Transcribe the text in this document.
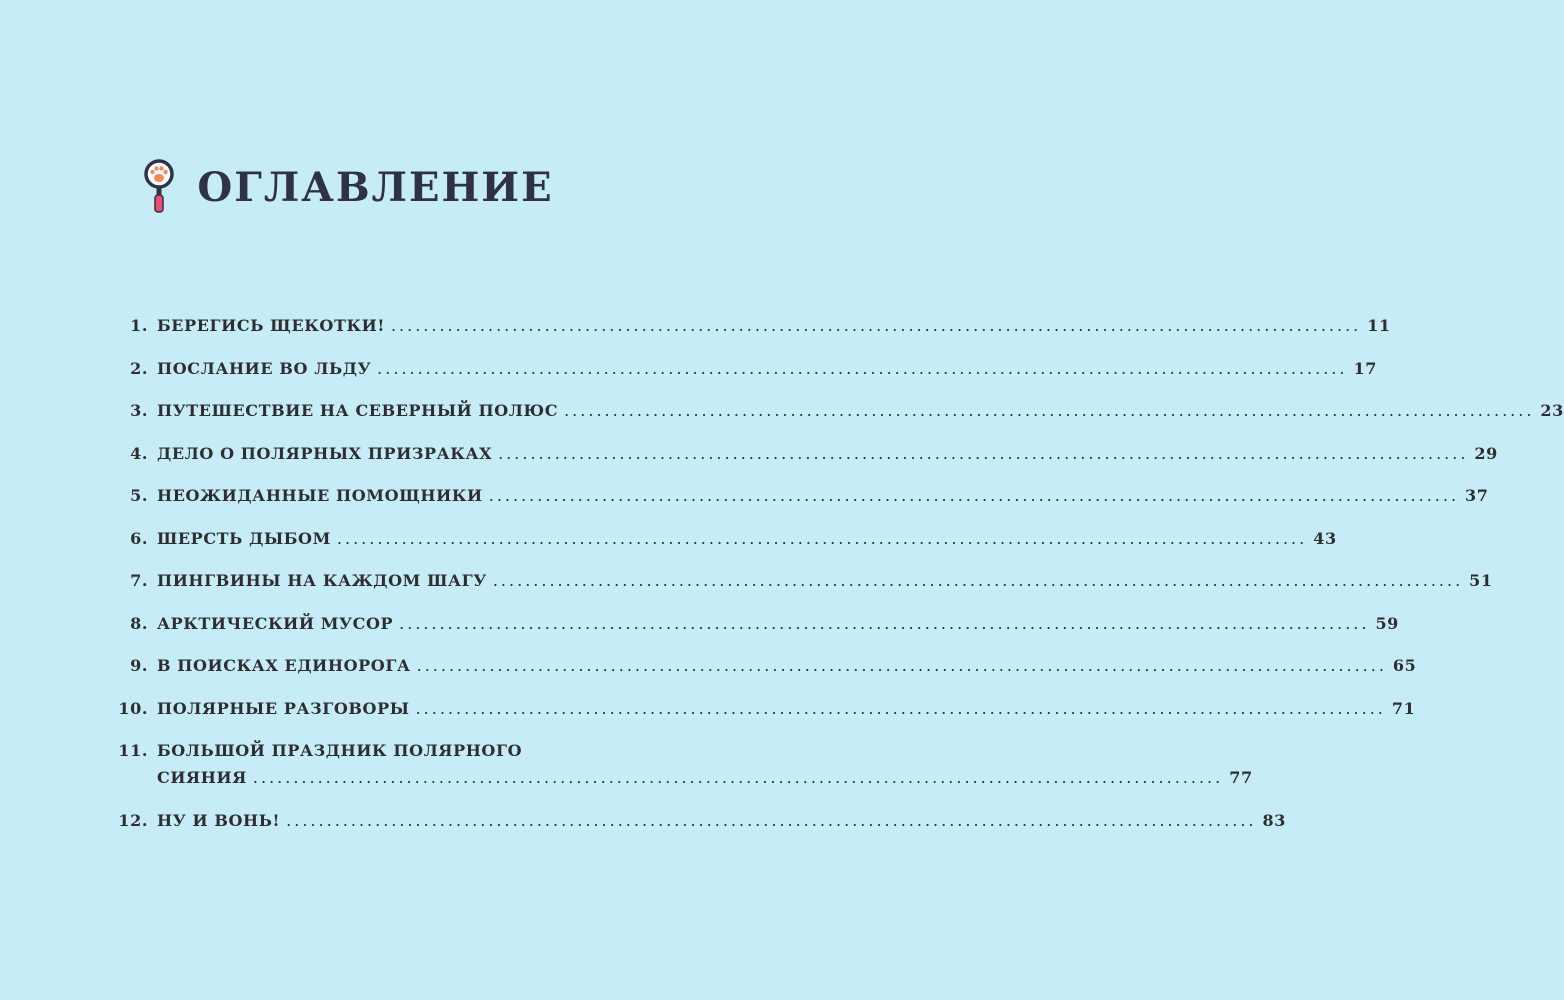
ОГЛАВЛЕНИЕ
1. БЕРЕГИСЬ ЩЕКОТКИ! ........................................................................................................................ 11
2. ПОСЛАНИЕ ВО ЛЬДУ ........................................................................................................................ 17
3. ПУТЕШЕСТВИЕ НА СЕВЕРНЫЙ ПОЛЮС ........................................................................................................................ 23
4. ДЕЛО О ПОЛЯРНЫХ ПРИЗРАКАХ ........................................................................................................................ 29
5. НЕОЖИДАННЫЕ ПОМОЩНИКИ ........................................................................................................................ 37
6. ШЕРСТЬ ДЫБОМ ........................................................................................................................ 43
7. ПИНГВИНЫ НА КАЖДОМ ШАГУ ........................................................................................................................ 51
8. АРКТИЧЕСКИЙ МУСОР ........................................................................................................................ 59
9. В ПОИСКАХ ЕДИНОРОГА ........................................................................................................................ 65
10. ПОЛЯРНЫЕ РАЗГОВОРЫ ........................................................................................................................ 71
11. БОЛЬШОЙ ПРАЗДНИК ПОЛЯРНОГО
СИЯНИЯ ........................................................................................................................ 77
12. НУ И ВОНЬ! ........................................................................................................................ 83
